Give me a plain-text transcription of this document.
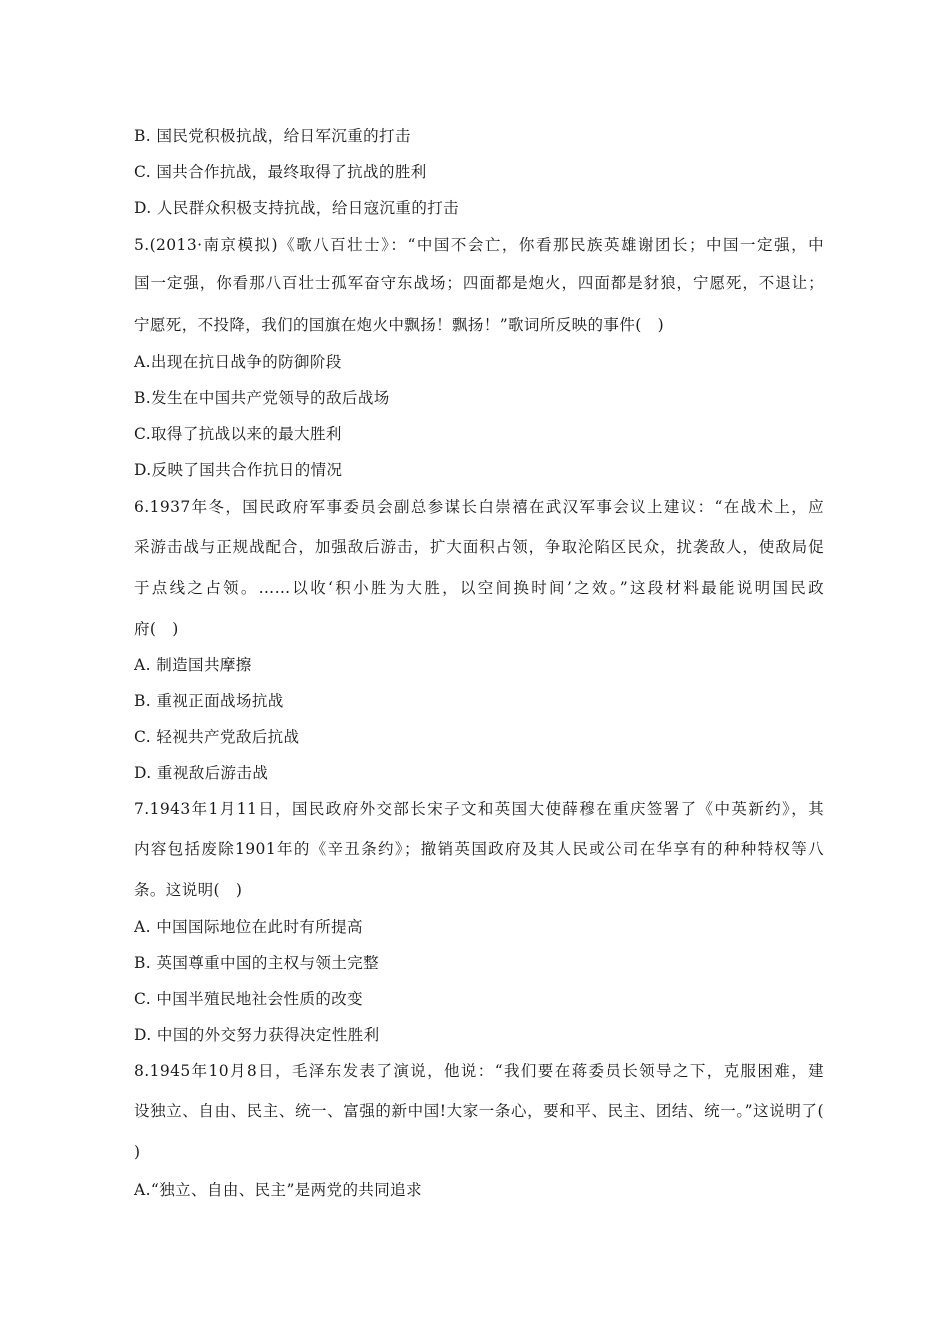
B. 国民党积极抗战，给日军沉重的打击
C. 国共合作抗战，最终取得了抗战的胜利
D. 人民群众积极支持抗战，给日寇沉重的打击
5.(2013·南京模拟)《歌八百壮士》：“中国不会亡，你看那民族英雄谢团长；中国一定强，中
国一定强，你看那八百壮士孤军奋守东战场；四面都是炮火，四面都是豺狼，宁愿死，不退让；
宁愿死，不投降，我们的国旗在炮火中飘扬！飘扬！”歌词所反映的事件(　)
A.出现在抗日战争的防御阶段
B.发生在中国共产党领导的敌后战场
C.取得了抗战以来的最大胜利
D.反映了国共合作抗日的情况
6.1937年冬，国民政府军事委员会副总参谋长白崇禧在武汉军事会议上建议：“在战术上，应
采游击战与正规战配合，加强敌后游击，扩大面积占领，争取沦陷区民众，扰袭敌人，使敌局促
于点线之占领。……以收‘积小胜为大胜，以空间换时间’之效。”这段材料最能说明国民政
府(　)
A. 制造国共摩擦
B. 重视正面战场抗战
C. 轻视共产党敌后抗战
D. 重视敌后游击战
7.1943年1月11日，国民政府外交部长宋子文和英国大使薛穆在重庆签署了《中英新约》，其
内容包括废除1901年的《辛丑条约》；撤销英国政府及其人民或公司在华享有的种种特权等八
条。这说明(　)
A. 中国国际地位在此时有所提高
B. 英国尊重中国的主权与领土完整
C. 中国半殖民地社会性质的改变
D. 中国的外交努力获得决定性胜利
8.1945年10月8日，毛泽东发表了演说，他说：“我们要在蒋委员长领导之下，克服困难，建
设独立、自由、民主、统一、富强的新中国!大家一条心，要和平、民主、团结、统一。”这说明了(
)
A.“独立、自由、民主”是两党的共同追求
